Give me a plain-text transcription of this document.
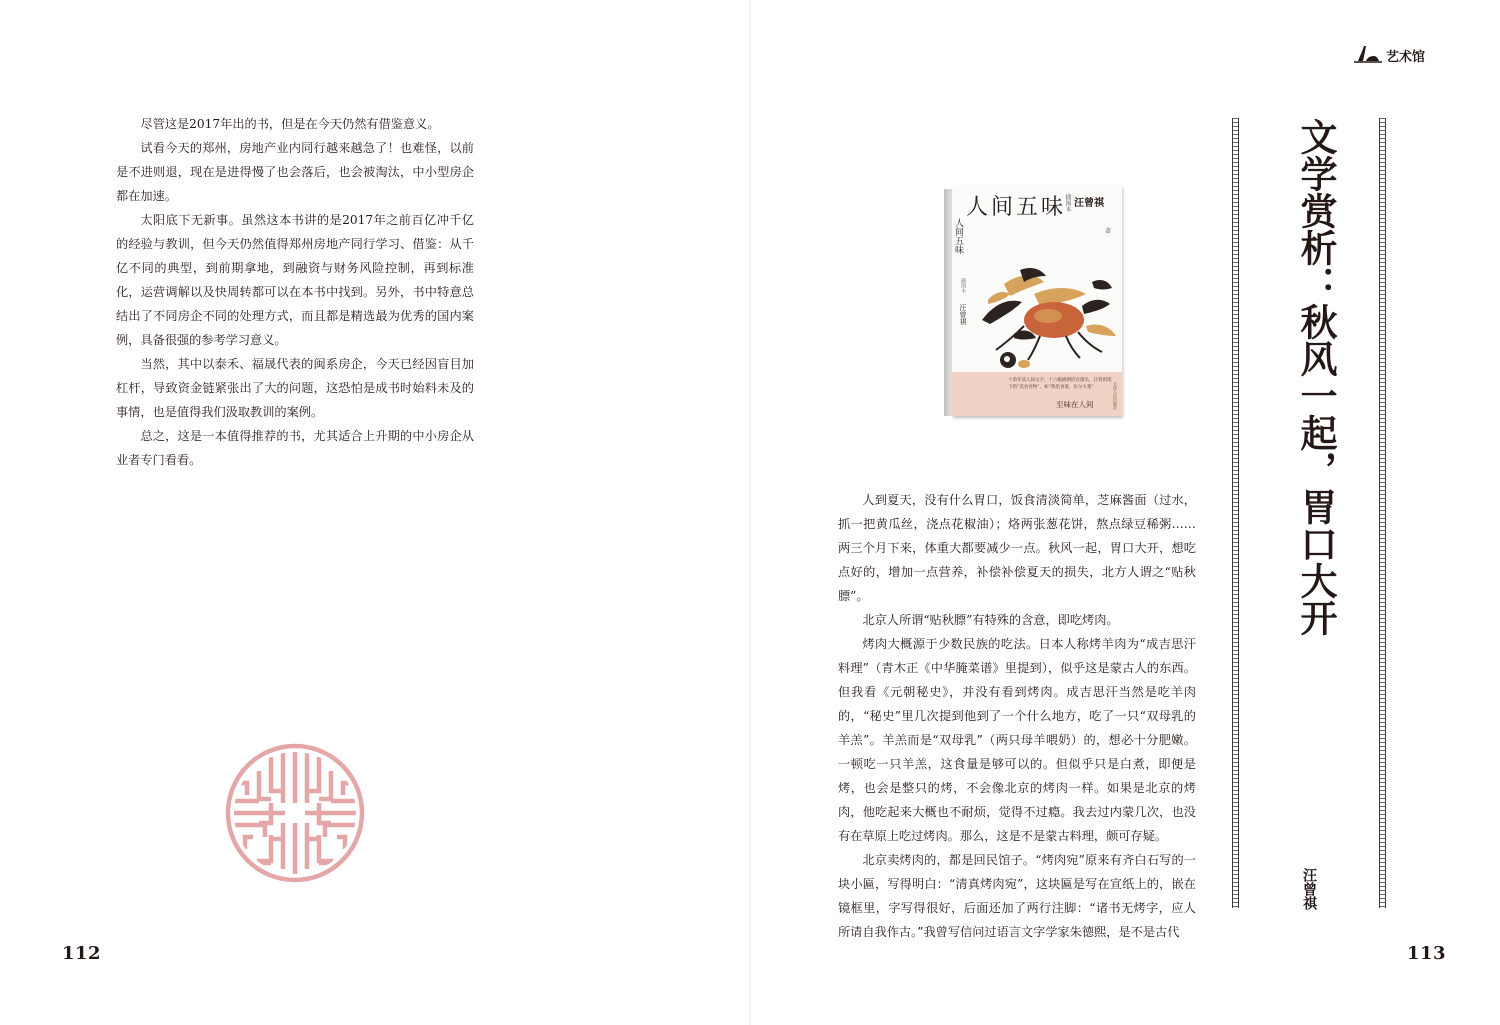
尽管这是2017年出的书，但是在今天仍然有借鉴意义。

试看今天的郑州，房地产业内同行越来越急了！也难怪，以前是不进则退，现在是进得慢了也会落后，也会被淘汰，中小型房企都在加速。

太阳底下无新事。虽然这本书讲的是2017年之前百亿冲千亿的经验与教训，但今天仍然值得郑州房地产同行学习、借鉴：从千亿不同的典型，到前期拿地，到融资与财务风险控制，再到标准化，运营调解以及快周转都可以在本书中找到。另外，书中特意总结出了不同房企不同的处理方式，而且都是精选最为优秀的国内案例，具备很强的参考学习意义。

当然，其中以泰禾、福晟代表的闽系房企，今天已经因盲目加杠杆，导致资金链紧张出了大的问题，这恐怕是成书时始料未及的事情，也是值得我们汲取教训的案例。

总之，这是一本值得推荐的书，尤其适合上升期的中小房企从业者专门看看。

112
艺术馆
人间五味
插图本 汪曾祺
著
人间五味
插图本
汪曾祺
十余年读人间文字，十六幅插图挂在墙头，汪曾祺笔下的“美食食物”。如“鲁迅食谱，伍尔夫菜”
至味在人间	天津人民出版社

人到夏天，没有什么胃口，饭食清淡简单，芝麻酱面（过水，抓一把黄瓜丝，浇点花椒油）；烙两张葱花饼，熬点绿豆稀粥……两三个月下来，体重大都要减少一点。秋风一起，胃口大开，想吃点好的，增加一点营养，补偿补偿夏天的损失，北方人谓之“贴秋膘”。

北京人所谓“贴秋膘”有特殊的含意，即吃烤肉。

烤肉大概源于少数民族的吃法。日本人称烤羊肉为“成吉思汗料理”（青木正《中华腌菜谱》里提到），似乎这是蒙古人的东西。但我看《元朝秘史》，并没有看到烤肉。成吉思汗当然是吃羊肉的，“秘史”里几次提到他到了一个什么地方，吃了一只“双母乳的羊羔”。羊羔而是“双母乳”（两只母羊喂奶）的，想必十分肥嫩。一顿吃一只羊羔，这食量是够可以的。但似乎只是白煮，即便是烤，也会是整只的烤，不会像北京的烤肉一样。如果是北京的烤肉，他吃起来大概也不耐烦，觉得不过瘾。我去过内蒙几次，也没有在草原上吃过烤肉。那么，这是不是蒙古料理，颇可存疑。

北京卖烤肉的，都是回民馆子。“烤肉宛”原来有齐白石写的一块小匾，写得明白：“清真烤肉宛”，这块匾是写在宣纸上的，嵌在镜框里，字写得很好，后面还加了两行注脚：“诸书无烤字，应人所请自我作古。”我曾写信问过语言文字学家朱德熙，是不是古代

文学赏析：秋风一起，胃口大开
汪曾祺
113
